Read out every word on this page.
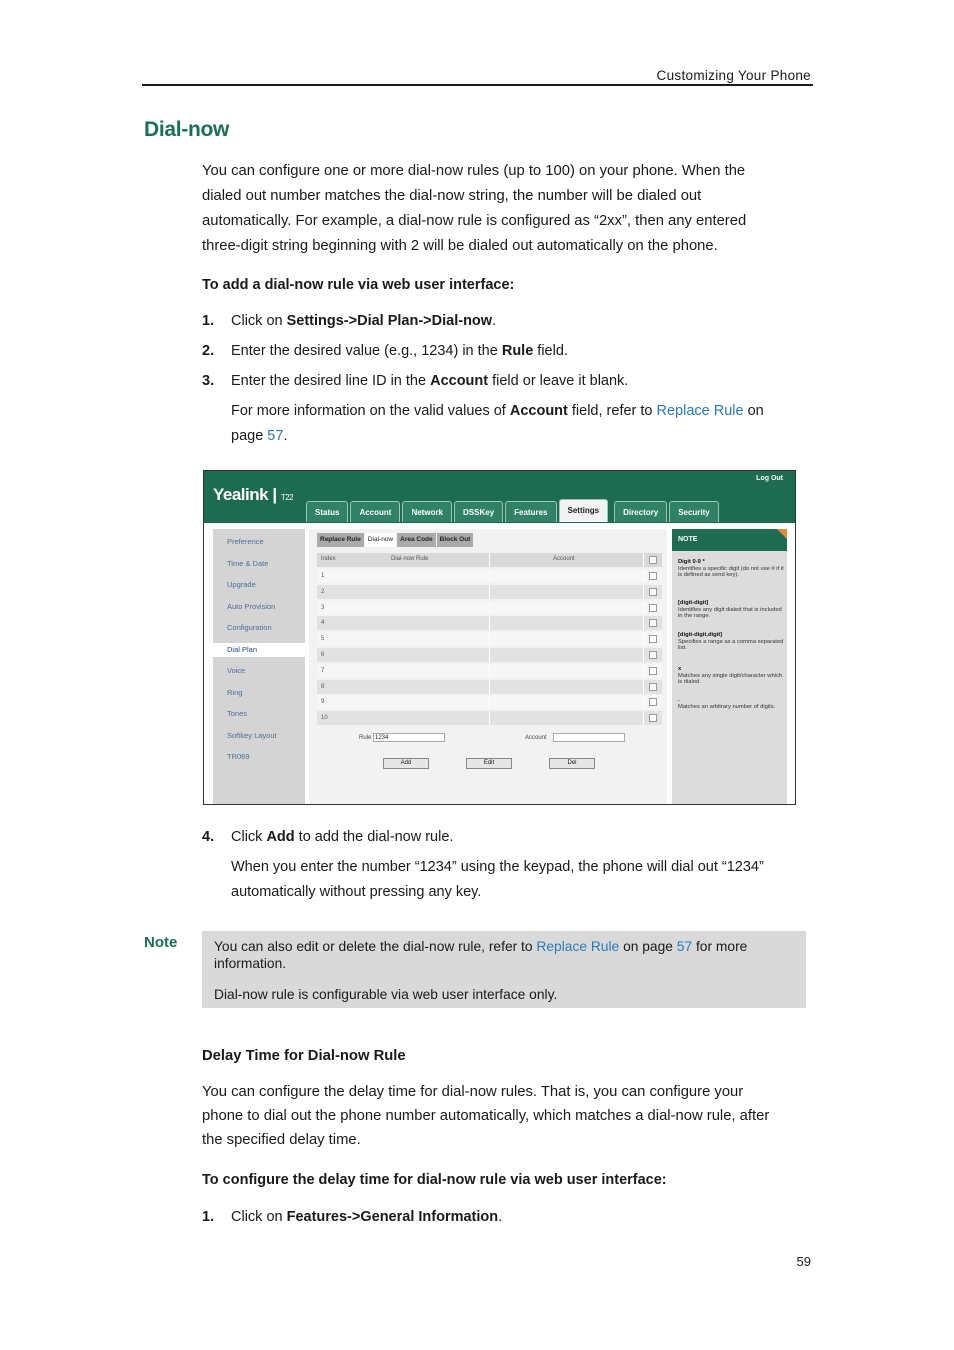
Customizing Your Phone
Dial-now
You can configure one or more dial-now rules (up to 100) on your phone. When the
dialed out number matches the dial-now string, the number will be dialed out
automatically. For example, a dial-now rule is configured as “2xx”, then any entered
three-digit string beginning with 2 will be dialed out automatically on the phone.
To add a dial-now rule via web user interface:
1. Click on Settings->Dial Plan->Dial-now.
2. Enter the desired value (e.g., 1234) in the Rule field.
3. Enter the desired line ID in the Account field or leave it blank.
For more information on the valid values of Account field, refer to Replace Rule on
page 57.
Yealink | T22
Log Out
Status	Account	Network	DSSKey	Features	Settings	Directory	Security
Preference
Time & Date
Upgrade
Auto Provision
Configuration
Dial Plan
Voice
Ring
Tones
Softkey Layout
TR069
Replace Rule	Dial-now	Area Code	Block Out
Index	Dial-now Rule	Account
1
2
3
4
5
6
7
8
9
10
Rule 1234	Account
Add	Edit	Del
NOTE
Digit 0-9 *
Identifies a specific digit (do not use # if it is defined as send key).
[digit-digit]
Identifies any digit dialed that is included in the range.
[digit-digit,digit]
Specifies a range as a comma separated list.
x
Matches any single digit/character which is dialed.
.
Matches an arbitrary number of digits.
4. Click Add to add the dial-now rule.
When you enter the number “1234” using the keypad, the phone will dial out “1234”
automatically without pressing any key.
Note	You can also edit or delete the dial-now rule, refer to Replace Rule on page 57 for more
information.
Dial-now rule is configurable via web user interface only.
Delay Time for Dial-now Rule
You can configure the delay time for dial-now rules. That is, you can configure your
phone to dial out the phone number automatically, which matches a dial-now rule, after
the specified delay time.
To configure the delay time for dial-now rule via web user interface:
1. Click on Features->General Information.
59
